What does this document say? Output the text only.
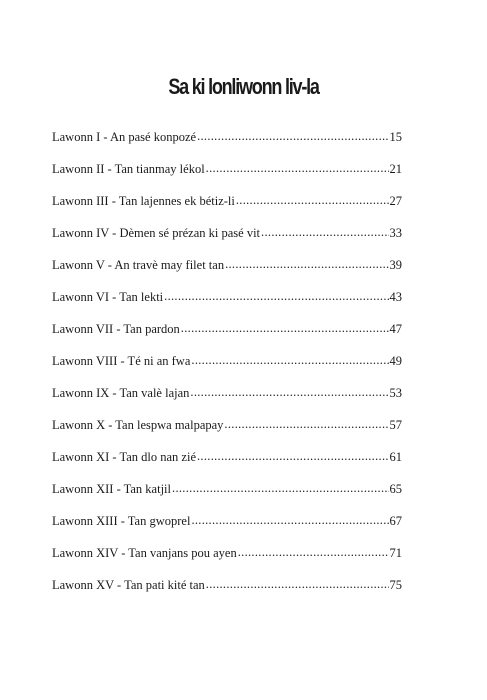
Sa ki lonliwonn liv-la
Lawonn I - An pasé konpozé .....	15
Lawonn II - Tan tianmay lékol .....	21
Lawonn III - Tan lajennes ek bétiz-li .....	27
Lawonn IV - Dèmen sé prézan ki pasé vit .....	33
Lawonn V - An travè may filet tan .....	39
Lawonn VI - Tan lekti .....	43
Lawonn VII - Tan pardon .....	47
Lawonn VIII - Té ni an fwa .....	49
Lawonn IX - Tan valè lajan .....	53
Lawonn X - Tan lespwa malpapay .....	57
Lawonn XI - Tan dlo nan zié .....	61
Lawonn XII - Tan katjil .....	65
Lawonn XIII - Tan gwoprel .....	67
Lawonn XIV - Tan vanjans pou ayen .....	71
Lawonn XV - Tan pati kité tan .....	75
